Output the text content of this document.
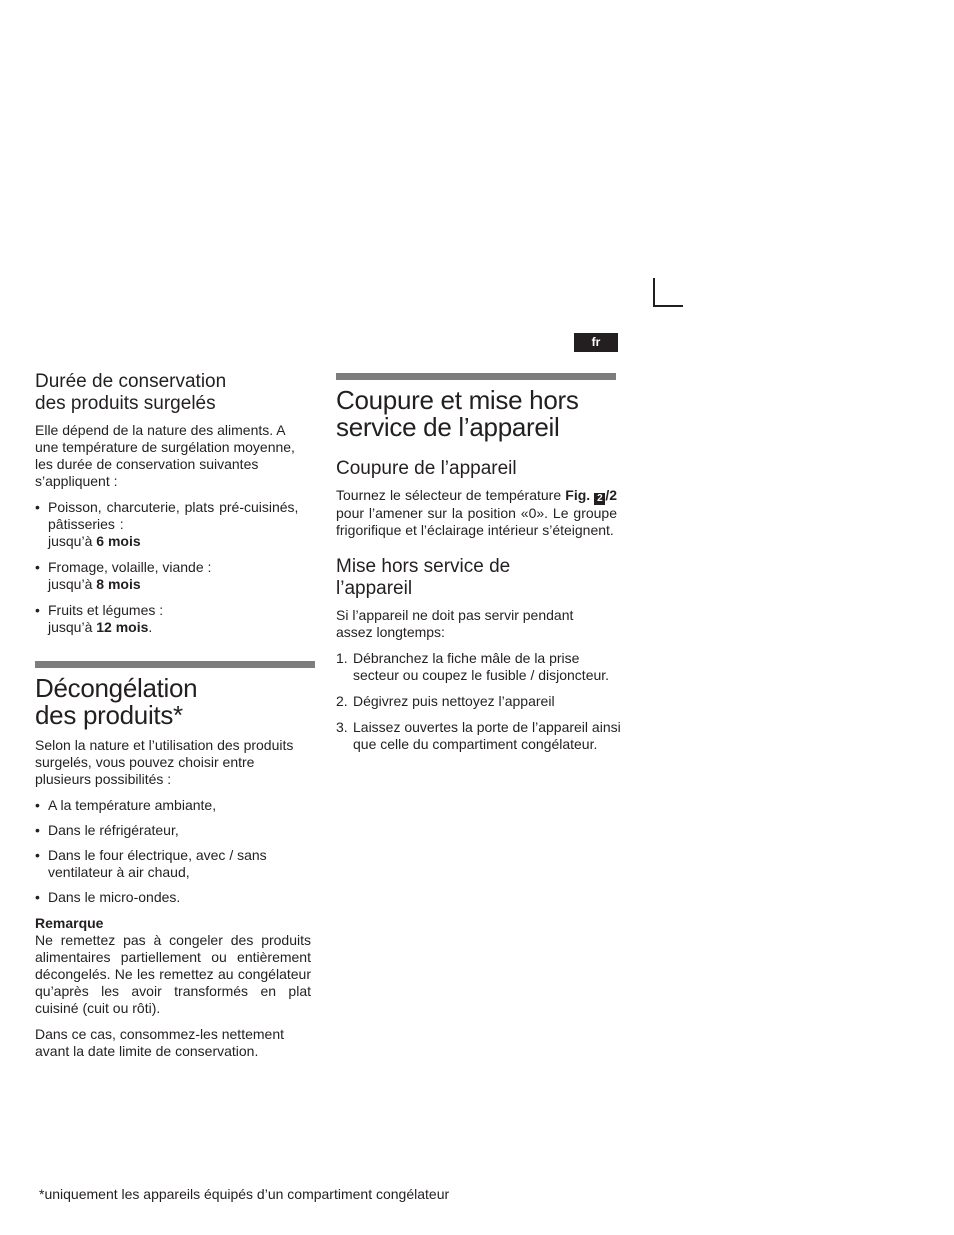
fr
Durée de conservation
des produits surgelés

Elle dépend de la nature des aliments. A une température de surgélation moyenne, les durée de conservation suivantes s’appliquent :

• Poisson, charcuterie, plats pré-cuisinés, pâtisseries :
jusqu’à 6 mois
• Fromage, volaille, viande :
jusqu’à 8 mois
• Fruits et légumes :
jusqu’à 12 mois.
Décongélation
des produits*

Selon la nature et l’utilisation des produits surgelés, vous pouvez choisir entre plusieurs possibilités :

• A la température ambiante,
• Dans le réfrigérateur,
• Dans le four électrique, avec / sans ventilateur à air chaud,
• Dans le micro-ondes.
Remarque

Ne remettez pas à congeler des produits alimentaires partiellement ou entièrement décongelés. Ne les remettez au congélateur qu’après les avoir transformés en plat cuisiné (cuit ou rôti).

Dans ce cas, consommez-les nettement avant la date limite de conservation.

Coupure et mise hors
service de l’appareil
Coupure de l’appareil

Tournez le sélecteur de température Fig. 2 /2 pour l’amener sur la position «0». Le groupe frigorifique et l’éclairage intérieur s’éteignent.

Mise hors service de
l’appareil

Si l’appareil ne doit pas servir pendant assez longtemps:

1. Débranchez la fiche mâle de la prise secteur ou coupez le fusible / disjoncteur.
2. Dégivrez puis nettoyez l’appareil
3. Laissez ouvertes la porte de l’appareil ainsi que celle du compartiment congélateur.
*uniquement les appareils équipés d’un compartiment congélateur
